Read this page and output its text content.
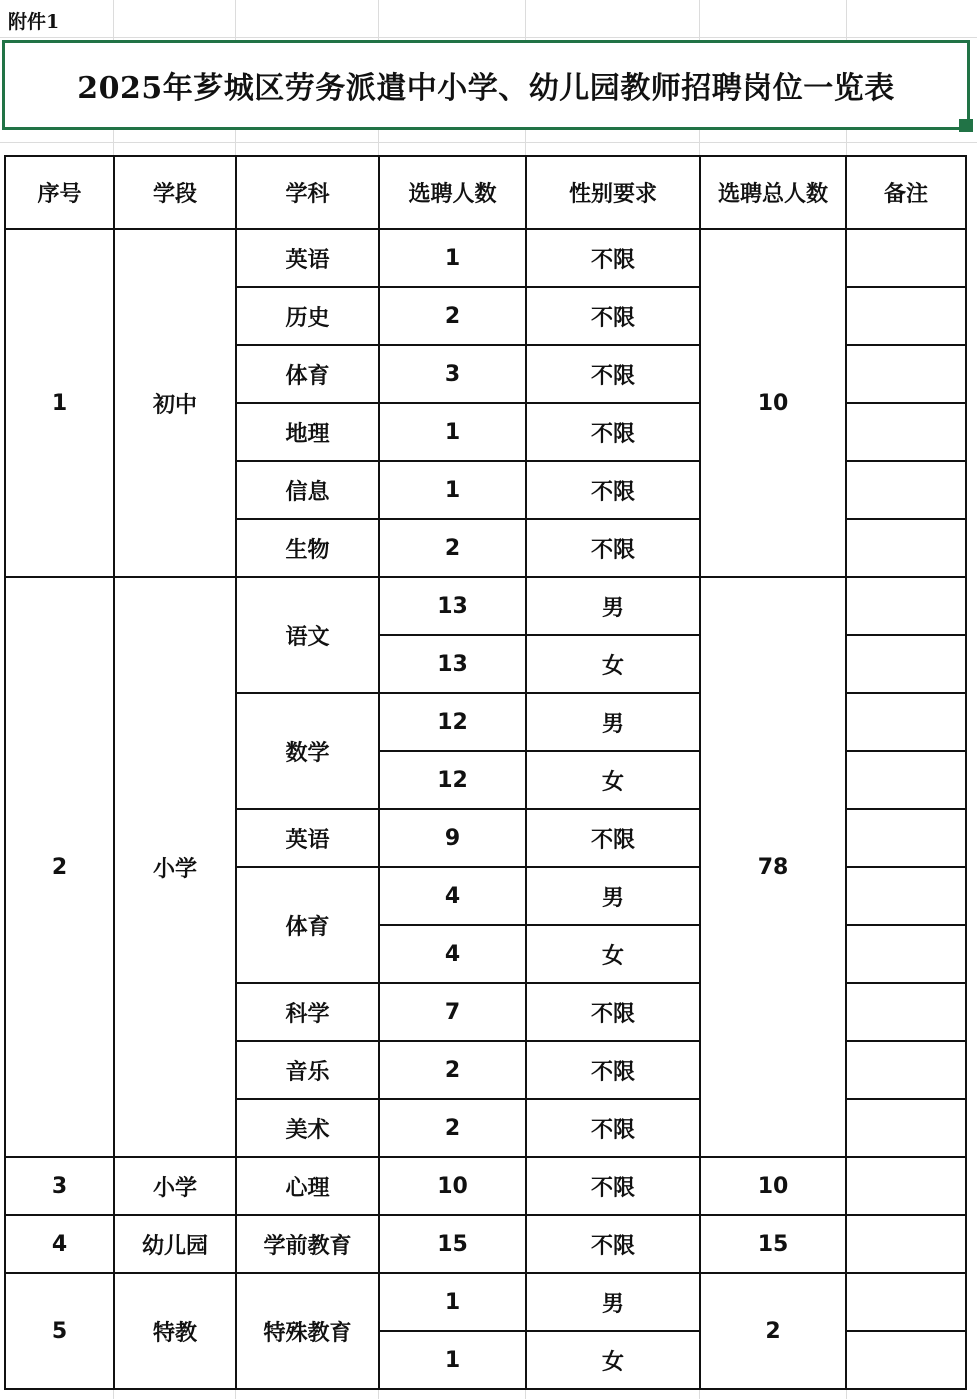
附件1
2025年芗城区劳务派遣中小学、幼儿园教师招聘岗位一览表
序号	学段	学科	选聘人数	性别要求	选聘总人数	备注
1	初中	英语	1	不限	10	
		历史	2	不限		
		体育	3	不限		
		地理	1	不限		
		信息	1	不限		
		生物	2	不限		
2	小学	语文	13	男	78	
			13	女		
		数学	12	男		
			12	女		
		英语	9	不限		
		体育	4	男		
			4	女		
		科学	7	不限		
		音乐	2	不限		
		美术	2	不限		
3	小学	心理	10	不限	10	
4	幼儿园	学前教育	15	不限	15	
5	特教	特殊教育	1	男	2	
			1	女		
